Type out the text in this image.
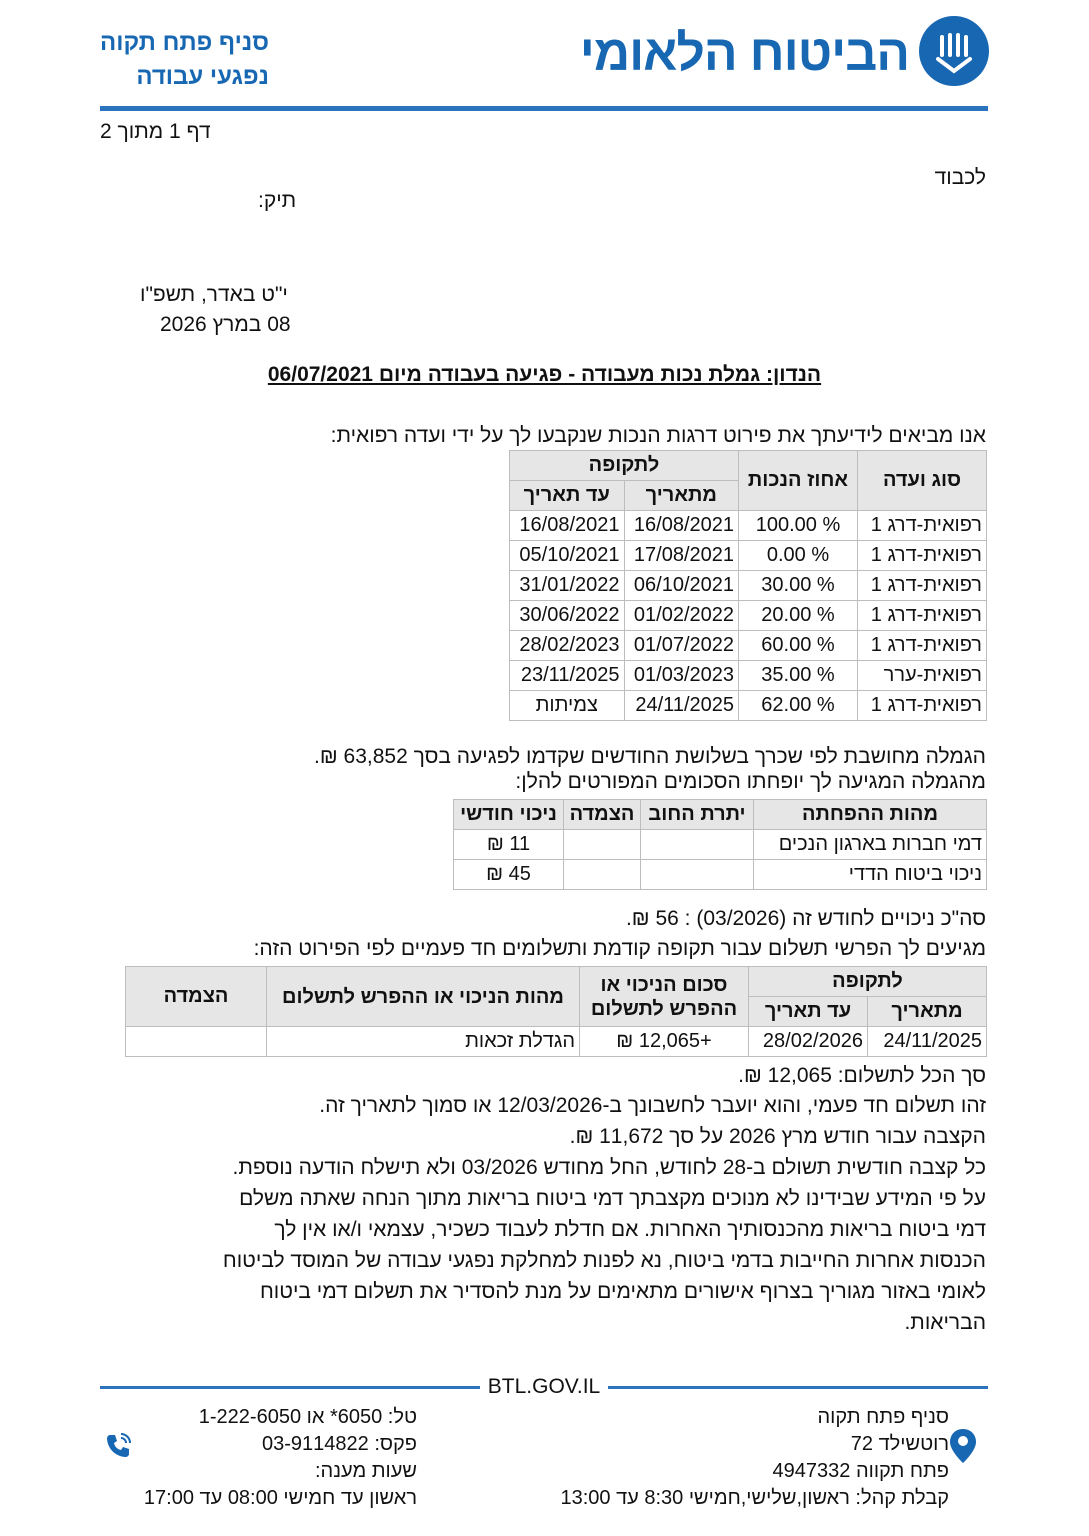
הביטוח הלאומי
סניף פתח תקוה
נפגעי עבודה
דף 1 מתוך 2
לכבוד
תיק:
י"ט באדר, תשפ"ו
08 במרץ 2026
הנדון: גמלת נכות מעבודה - פגיעה בעבודה מיום 06/07/2021
אנו מביאים לידיעתך את פירוט דרגות הנכות שנקבעו לך על ידי ועדה רפואית:
סוג ועדה	אחוז הנכות	לתקופה	
		מתאריך	עד תאריך
רפואית-דרג 1	100.00 %	16/08/2021	16/08/2021
רפואית-דרג 1	0.00 %	17/08/2021	05/10/2021
רפואית-דרג 1	30.00 %	06/10/2021	31/01/2022
רפואית-דרג 1	20.00 %	01/02/2022	30/06/2022
רפואית-דרג 1	60.00 %	01/07/2022	28/02/2023
רפואית-ערר	35.00 %	01/03/2023	23/11/2025
רפואית-דרג 1	62.00 %	24/11/2025	צמיתות
הגמלה מחושבת לפי שכרך בשלושת החודשים שקדמו לפגיעה בסך 63,852 ₪.
מהגמלה המגיעה לך יופחתו הסכומים המפורטים להלן:
מהות ההפחתה	יתרת החוב	הצמדה	ניכוי חודשי
דמי חברות בארגון הנכים			11 ₪
ניכוי ביטוח הדדי			45 ₪
סה"כ ניכויים לחודש זה (03/2026) : 56 ₪.
מגיעים לך הפרשי תשלום עבור תקופה קודמת ותשלומים חד פעמיים לפי הפירוט הזה:
לתקופה		סכום הניכוי או ההפרש לתשלום	מהות הניכוי או ההפרש לתשלום	הצמדה
מתאריך	עד תאריך			
24/11/2025	28/02/2026	+12,065 ₪	הגדלת זכאות	
סך הכל לתשלום: 12,065 ₪.
זהו תשלום חד פעמי, והוא יועבר לחשבונך ב-12/03/2026 או סמוך לתאריך זה.
הקצבה עבור חודש מרץ 2026 על סך 11,672 ₪.
כל קצבה חודשית תשולם ב-28 לחודש, החל מחודש 03/2026 ולא תישלח הודעה נוספת.
על פי המידע שבידינו לא מנוכים מקצבתך דמי ביטוח בריאות מתוך הנחה שאתה משלם
דמי ביטוח בריאות מהכנסותיך האחרות. אם חדלת לעבוד כשכיר, עצמאי ו/או אין לך
הכנסות אחרות החייבות בדמי ביטוח, נא לפנות למחלקת נפגעי עבודה של המוסד לביטוח
לאומי באזור מגוריך בצרוף אישורים מתאימים על מנת להסדיר את תשלום דמי ביטוח
הבריאות.
BTL.GOV.IL
סניף פתח תקוה
רוטשילד 72
פתח תקווה 4947332
קבלת קהל: ראשון,שלישי,חמישי 8:30 עד 13:00
טל: 6050* או 1-222-6050
פקס: 03-9114822
שעות מענה:
ראשון עד חמישי 08:00 עד 17:00
